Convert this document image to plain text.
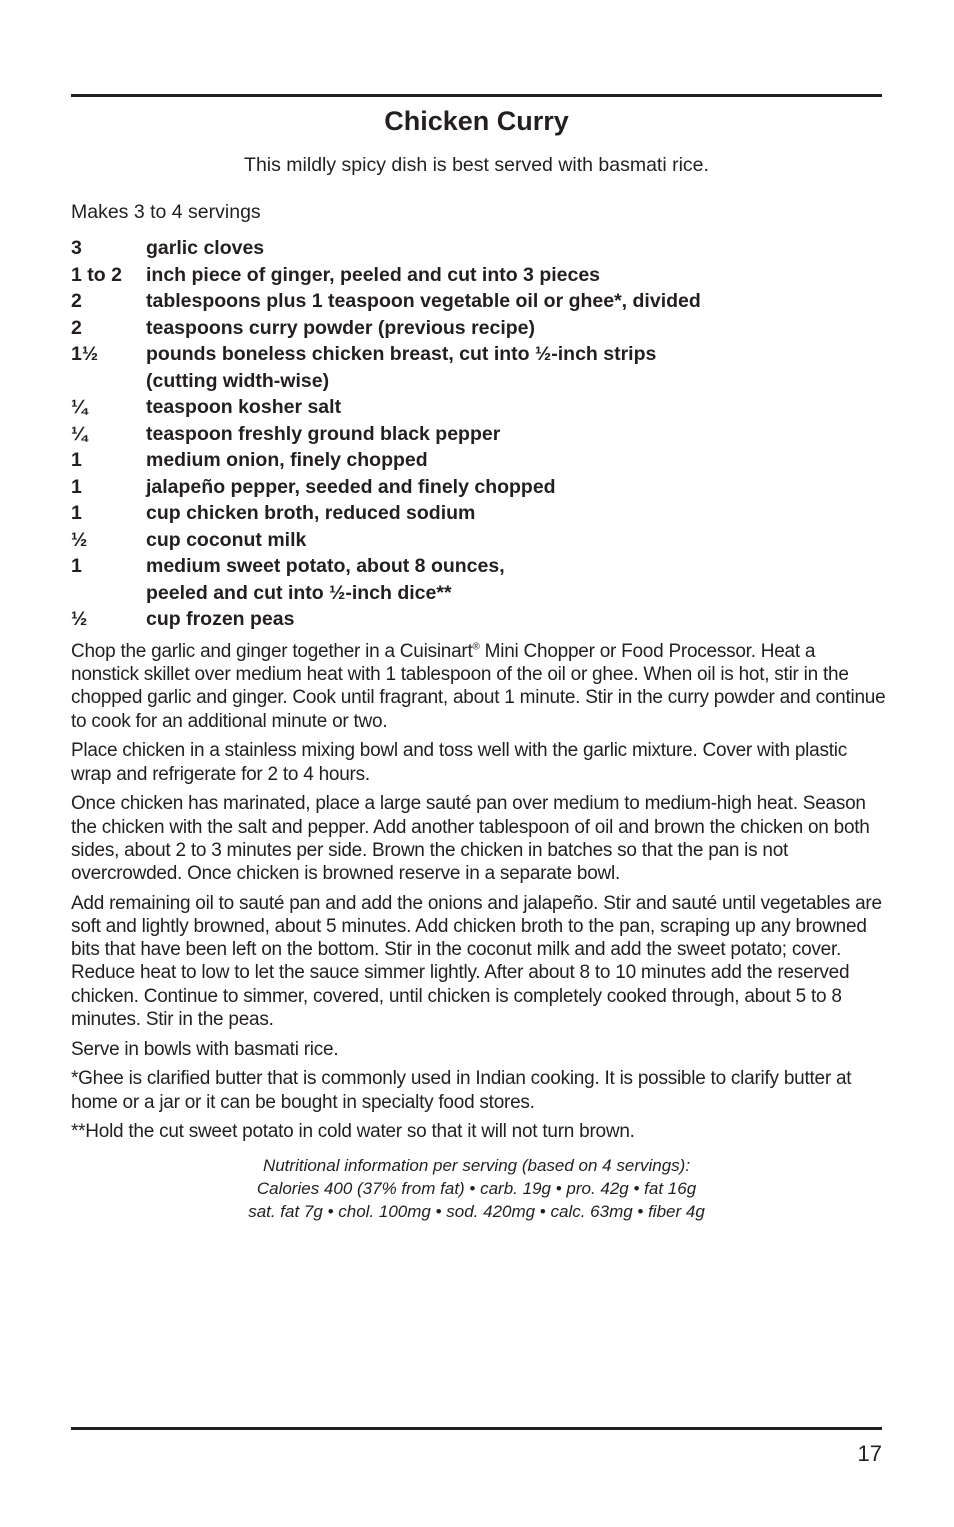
Chicken Curry
This mildly spicy dish is best served with basmati rice.
Makes 3 to 4 servings
3	garlic cloves
1 to 2	inch piece of ginger, peeled and cut into 3 pieces
2	tablespoons plus 1 teaspoon vegetable oil or ghee*, divided
2	teaspoons curry powder (previous recipe)
1½	pounds boneless chicken breast, cut into ½-inch strips
(cutting width-wise)
¼	teaspoon kosher salt
¼	teaspoon freshly ground black pepper
1	medium onion, finely chopped
1	jalapeño pepper, seeded and finely chopped
1	cup chicken broth, reduced sodium
½	cup coconut milk
1	medium sweet potato, about 8 ounces,
peeled and cut into ½-inch dice**
½	cup frozen peas

Chop the garlic and ginger together in a Cuisinart® Mini Chopper or Food Processor. Heat a nonstick skillet over medium heat with 1 tablespoon of the oil or ghee. When oil is hot, stir in the chopped garlic and ginger. Cook until fragrant, about 1 minute. Stir in the curry powder and continue to cook for an additional minute or two.

Place chicken in a stainless mixing bowl and toss well with the garlic mixture. Cover with plastic wrap and refrigerate for 2 to 4 hours.

Once chicken has marinated, place a large sauté pan over medium to medium-high heat. Season the chicken with the salt and pepper. Add another tablespoon of oil and brown the chicken on both sides, about 2 to 3 minutes per side. Brown the chicken in batches so that the pan is not overcrowded. Once chicken is browned reserve in a separate bowl.

Add remaining oil to sauté pan and add the onions and jalapeño. Stir and sauté until vegetables are soft and lightly browned, about 5 minutes. Add chicken broth to the pan, scraping up any browned bits that have been left on the bottom. Stir in the coconut milk and add the sweet potato; cover. Reduce heat to low to let the sauce simmer lightly. After about 8 to 10 minutes add the reserved chicken. Continue to simmer, covered, until chicken is completely cooked through, about 5 to 8 minutes. Stir in the peas.

Serve in bowls with basmati rice.

*Ghee is clarified butter that is commonly used in Indian cooking. It is possible to clarify butter at home or a jar or it can be bought in specialty food stores.

**Hold the cut sweet potato in cold water so that it will not turn brown.

Nutritional information per serving (based on 4 servings):
Calories 400 (37% from fat) • carb. 19g • pro. 42g • fat 16g
sat. fat 7g • chol. 100mg • sod. 420mg • calc. 63mg • fiber 4g
17
